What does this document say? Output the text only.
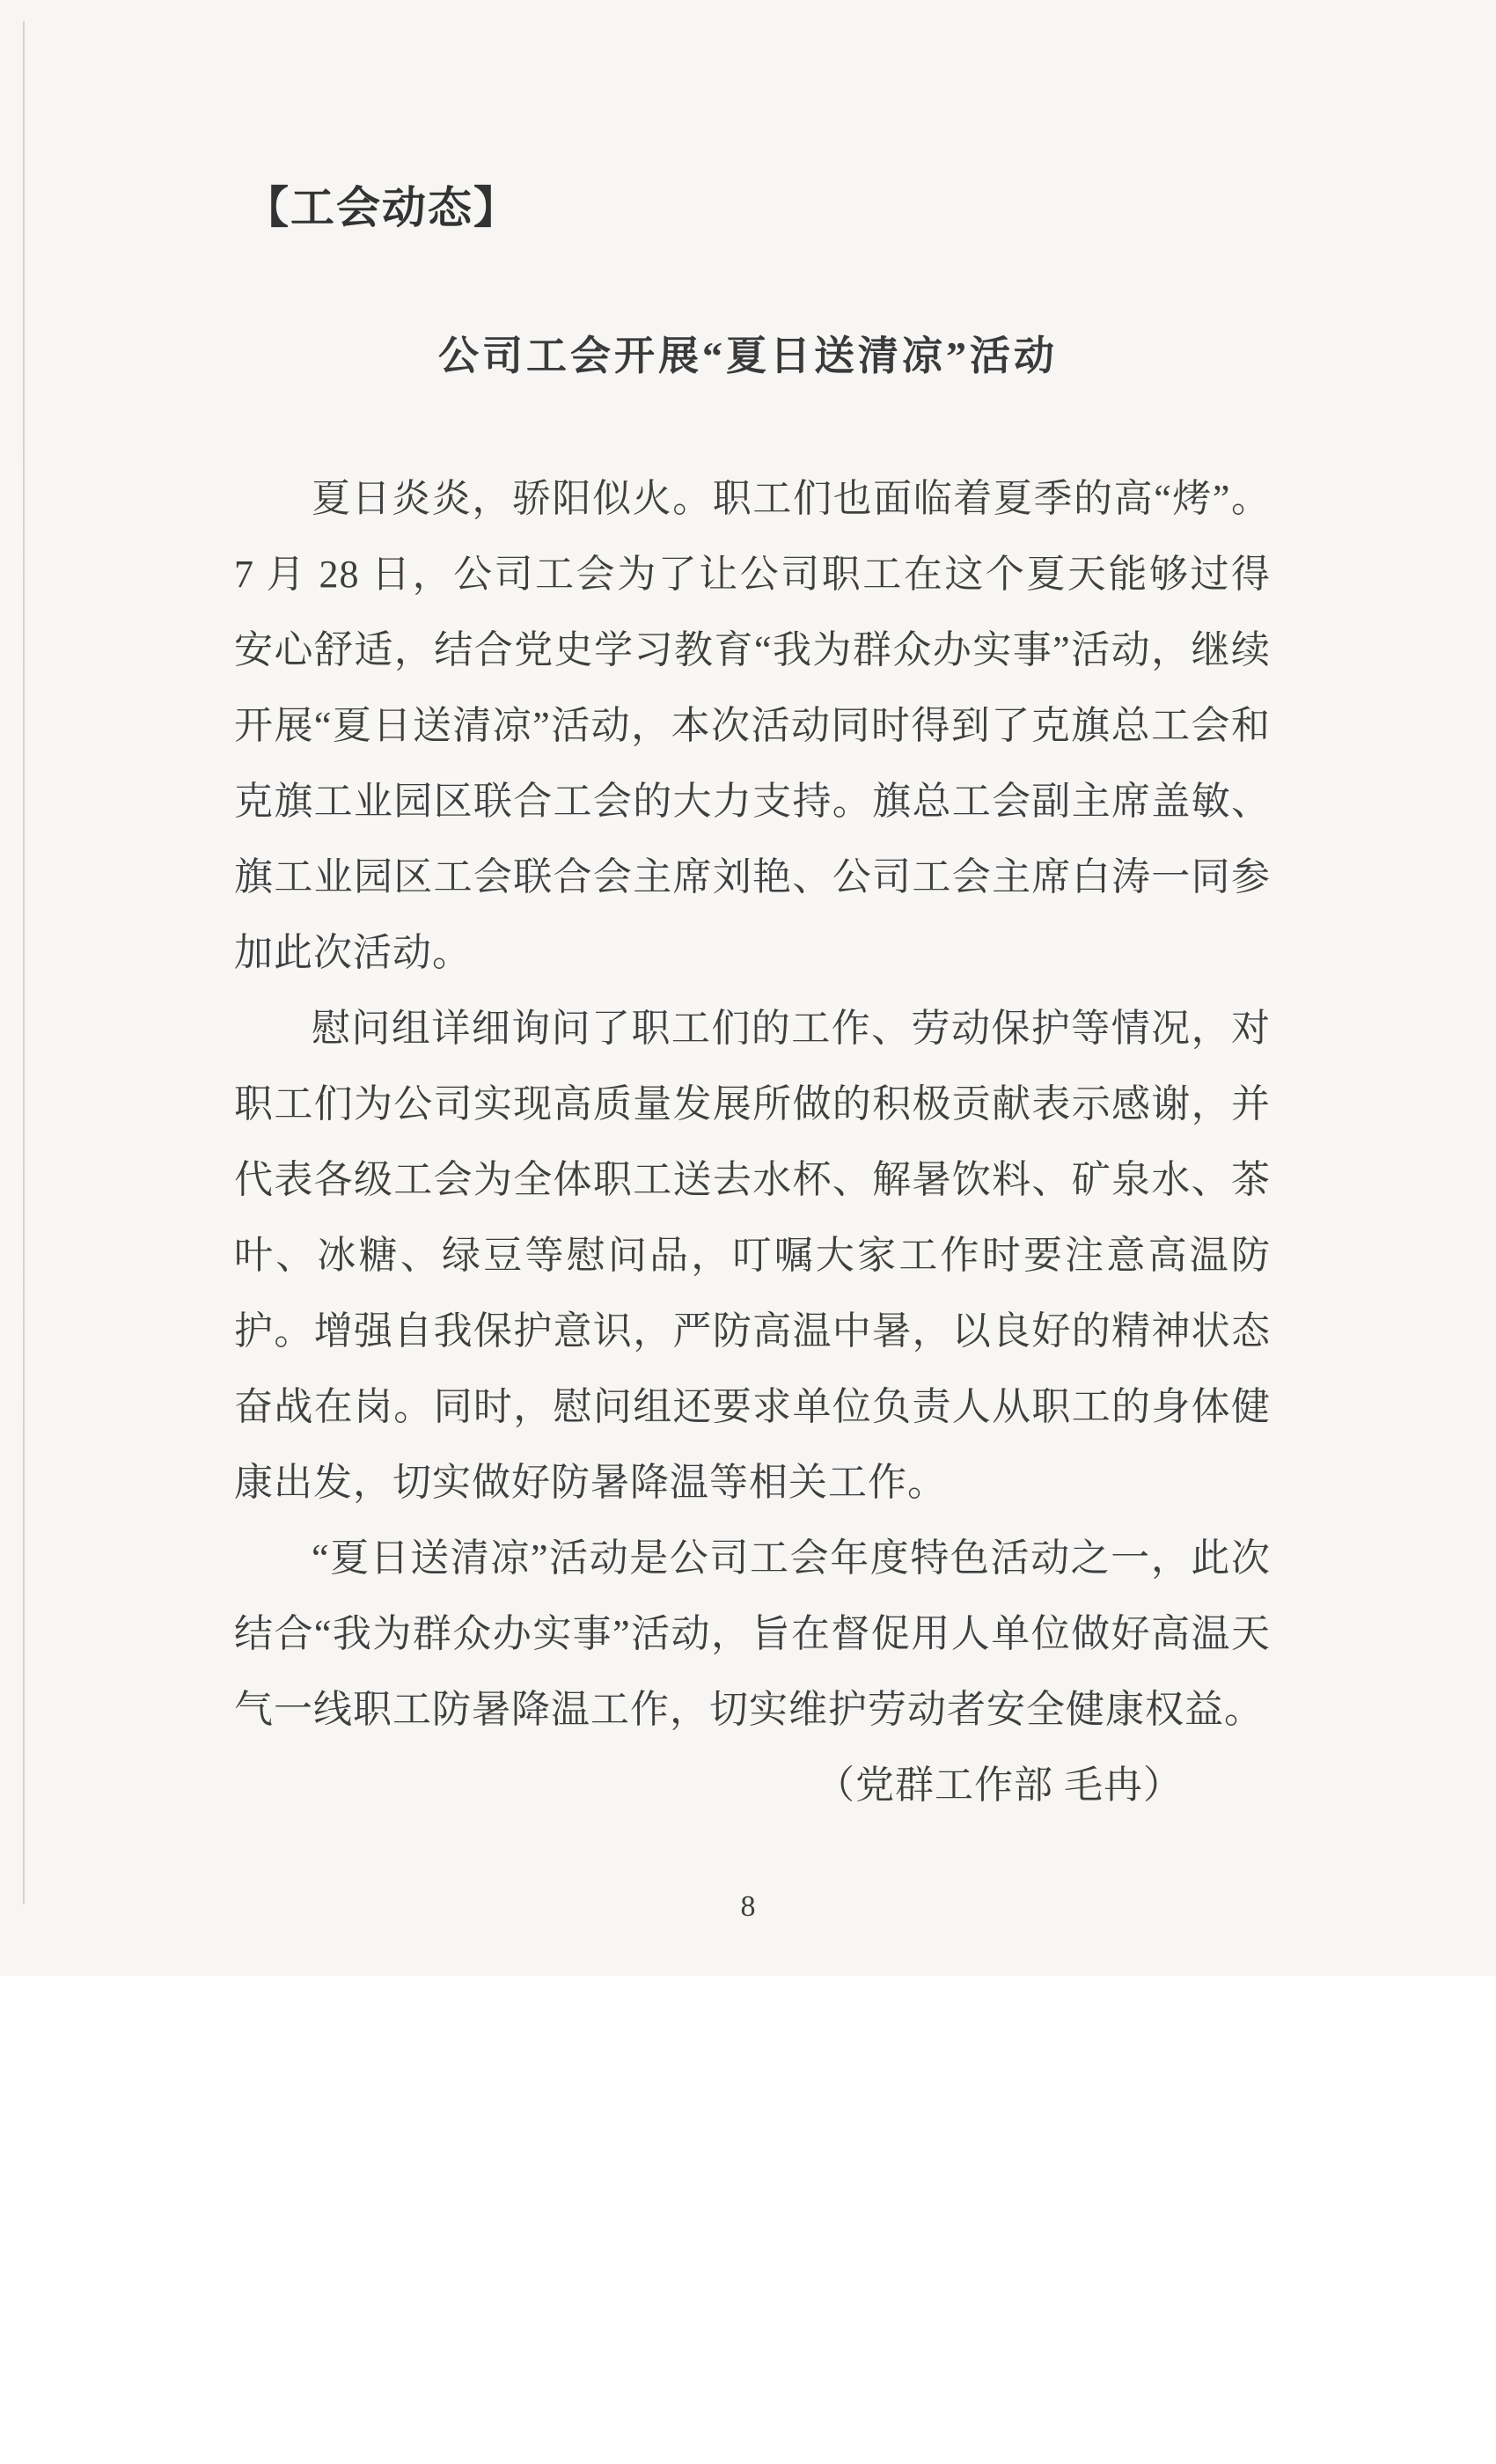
【工会动态】
公司工会开展“夏日送清凉”活动

夏日炎炎，骄阳似火。职工们也面临着夏季的高“烤”。7 月 28 日，公司工会为了让公司职工在这个夏天能够过得安心舒适，结合党史学习教育“我为群众办实事”活动，继续开展“夏日送清凉”活动，本次活动同时得到了克旗总工会和克旗工业园区联合工会的大力支持。旗总工会副主席盖敏、旗工业园区工会联合会主席刘艳、公司工会主席白涛一同参加此次活动。

慰问组详细询问了职工们的工作、劳动保护等情况，对职工们为公司实现高质量发展所做的积极贡献表示感谢，并代表各级工会为全体职工送去水杯、解暑饮料、矿泉水、茶叶、冰糖、绿豆等慰问品，叮嘱大家工作时要注意高温防护。增强自我保护意识，严防高温中暑，以良好的精神状态奋战在岗。同时，慰问组还要求单位负责人从职工的身体健康出发，切实做好防暑降温等相关工作。

“夏日送清凉”活动是公司工会年度特色活动之一，此次结合“我为群众办实事”活动，旨在督促用人单位做好高温天气一线职工防暑降温工作，切实维护劳动者安全健康权益。

（党群工作部 毛冉）
8
